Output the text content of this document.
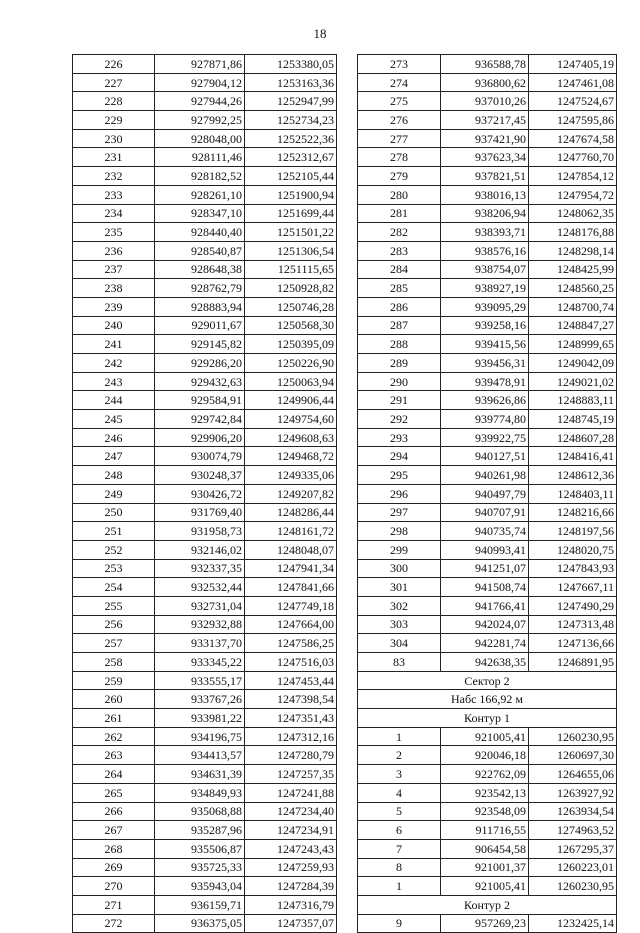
18
226	927871,86	1253380,05
227	927904,12	1253163,36
228	927944,26	1252947,99
229	927992,25	1252734,23
230	928048,00	1252522,36
231	928111,46	1252312,67
232	928182,52	1252105,44
233	928261,10	1251900,94
234	928347,10	1251699,44
235	928440,40	1251501,22
236	928540,87	1251306,54
237	928648,38	1251115,65
238	928762,79	1250928,82
239	928883,94	1250746,28
240	929011,67	1250568,30
241	929145,82	1250395,09
242	929286,20	1250226,90
243	929432,63	1250063,94
244	929584,91	1249906,44
245	929742,84	1249754,60
246	929906,20	1249608,63
247	930074,79	1249468,72
248	930248,37	1249335,06
249	930426,72	1249207,82
250	931769,40	1248286,44
251	931958,73	1248161,72
252	932146,02	1248048,07
253	932337,35	1247941,34
254	932532,44	1247841,66
255	932731,04	1247749,18
256	932932,88	1247664,00
257	933137,70	1247586,25
258	933345,22	1247516,03
259	933555,17	1247453,44
260	933767,26	1247398,54
261	933981,22	1247351,43
262	934196,75	1247312,16
263	934413,57	1247280,79
264	934631,39	1247257,35
265	934849,93	1247241,88
266	935068,88	1247234,40
267	935287,96	1247234,91
268	935506,87	1247243,43
269	935725,33	1247259,93
270	935943,04	1247284,39
271	936159,71	1247316,79
272	936375,05	1247357,07
273	936588,78	1247405,19
274	936800,62	1247461,08
275	937010,26	1247524,67
276	937217,45	1247595,86
277	937421,90	1247674,58
278	937623,34	1247760,70
279	937821,51	1247854,12
280	938016,13	1247954,72
281	938206,94	1248062,35
282	938393,71	1248176,88
283	938576,16	1248298,14
284	938754,07	1248425,99
285	938927,19	1248560,25
286	939095,29	1248700,74
287	939258,16	1248847,27
288	939415,56	1248999,65
289	939456,31	1249042,09
290	939478,91	1249021,02
291	939626,86	1248883,11
292	939774,80	1248745,19
293	939922,75	1248607,28
294	940127,51	1248416,41
295	940261,98	1248612,36
296	940497,79	1248403,11
297	940707,91	1248216,66
298	940735,74	1248197,56
299	940993,41	1248020,75
300	941251,07	1247843,93
301	941508,74	1247667,11
302	941766,41	1247490,29
303	942024,07	1247313,48
304	942281,74	1247136,66
83	942638,35	1246891,95
Сектор 2		
Набс 166,92 м		
Контур 1		
1	921005,41	1260230,95
2	920046,18	1260697,30
3	922762,09	1264655,06
4	923542,13	1263927,92
5	923548,09	1263934,54
6	911716,55	1274963,52
7	906454,58	1267295,37
8	921001,37	1260223,01
1	921005,41	1260230,95
Контур 2		
9	957269,23	1232425,14
